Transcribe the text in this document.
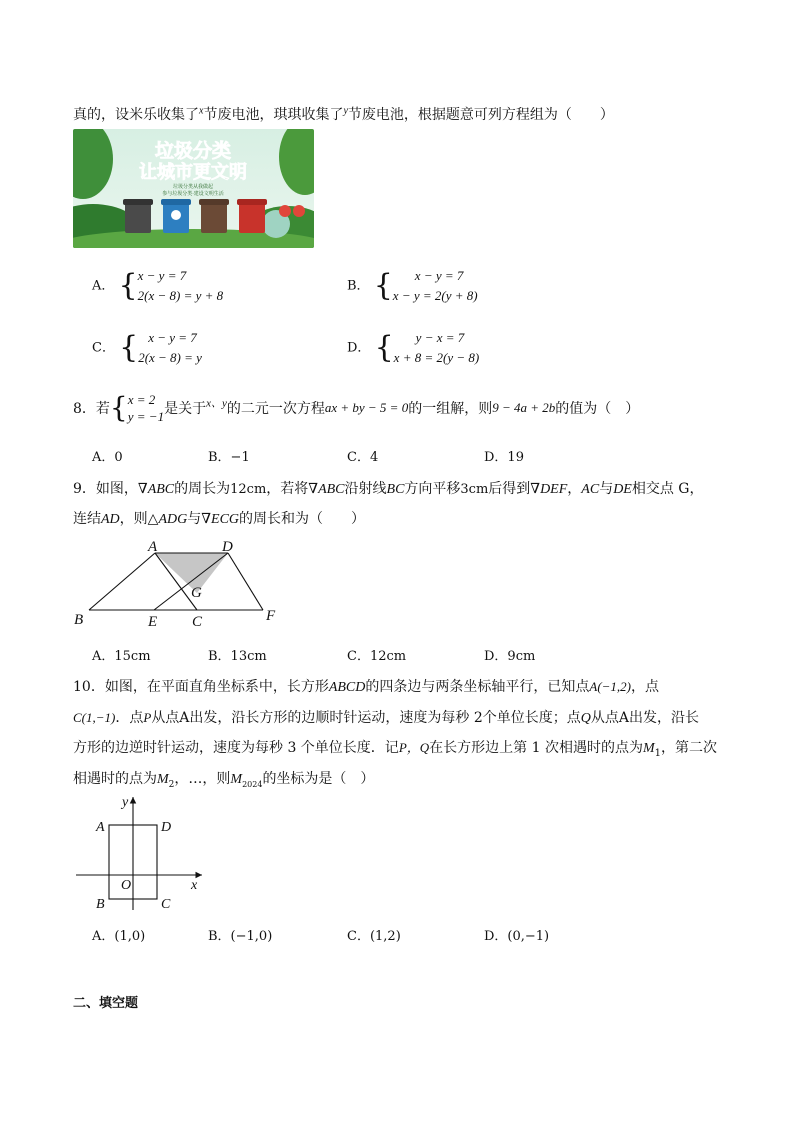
真的，设米乐收集了$^x$节废电池，琪琪收集了$^y$节废电池，根据题意可列方程组为（　　）
垃圾分类
让城市更文明
垃圾分类从我做起
参与垃圾分类·建设文明生活
A． { x − y = 7
2(x − 8) = y + 8
B． {	x − y = 7
x − y = 2(y + 8)
C． { x − y = 7
2(x − 8) = y
D． {	y − x = 7
x + 8 = 2(y − 8)
8．若{ x = 2
y = −1 是关于$^{x、y}$的二元一次方程ax + by − 5 = 0的一组解，则9 − 4a + 2b的值为（　）
A．0	B．−1	C．4	D．19
9．如图，∇ABC的周长为12cm，若将∇ABC沿射线BC方向平移3cm后得到∇DEF，AC与DE相交点 G，
连结AD，则△ADG与∇ECG的周长和为（　　）
A	D
G
B	E C	F
A．15cm	B．13cm	C．12cm	D．9cm
10．如图，在平面直角坐标系中，长方形ABCD的四条边与两条坐标轴平行，已知点A(−1,2)，点
C(1,−1)．点P从点A出发，沿长方形的边顺时针运动，速度为每秒 2个单位长度；点Q从点A出发，沿长
方形的边逆时针运动，速度为每秒 3 个单位长度．记P，Q在长方形边上第 1 次相遇时的点为$M_1$，第二次
相遇时的点为$M_2$，…，则$M_{2024}$的坐标为是（　）
y
x
A	D
O
B	C
A．(1,0)	B．(−1,0)	C．(1,2)	D．(0,−1)
二、填空题
